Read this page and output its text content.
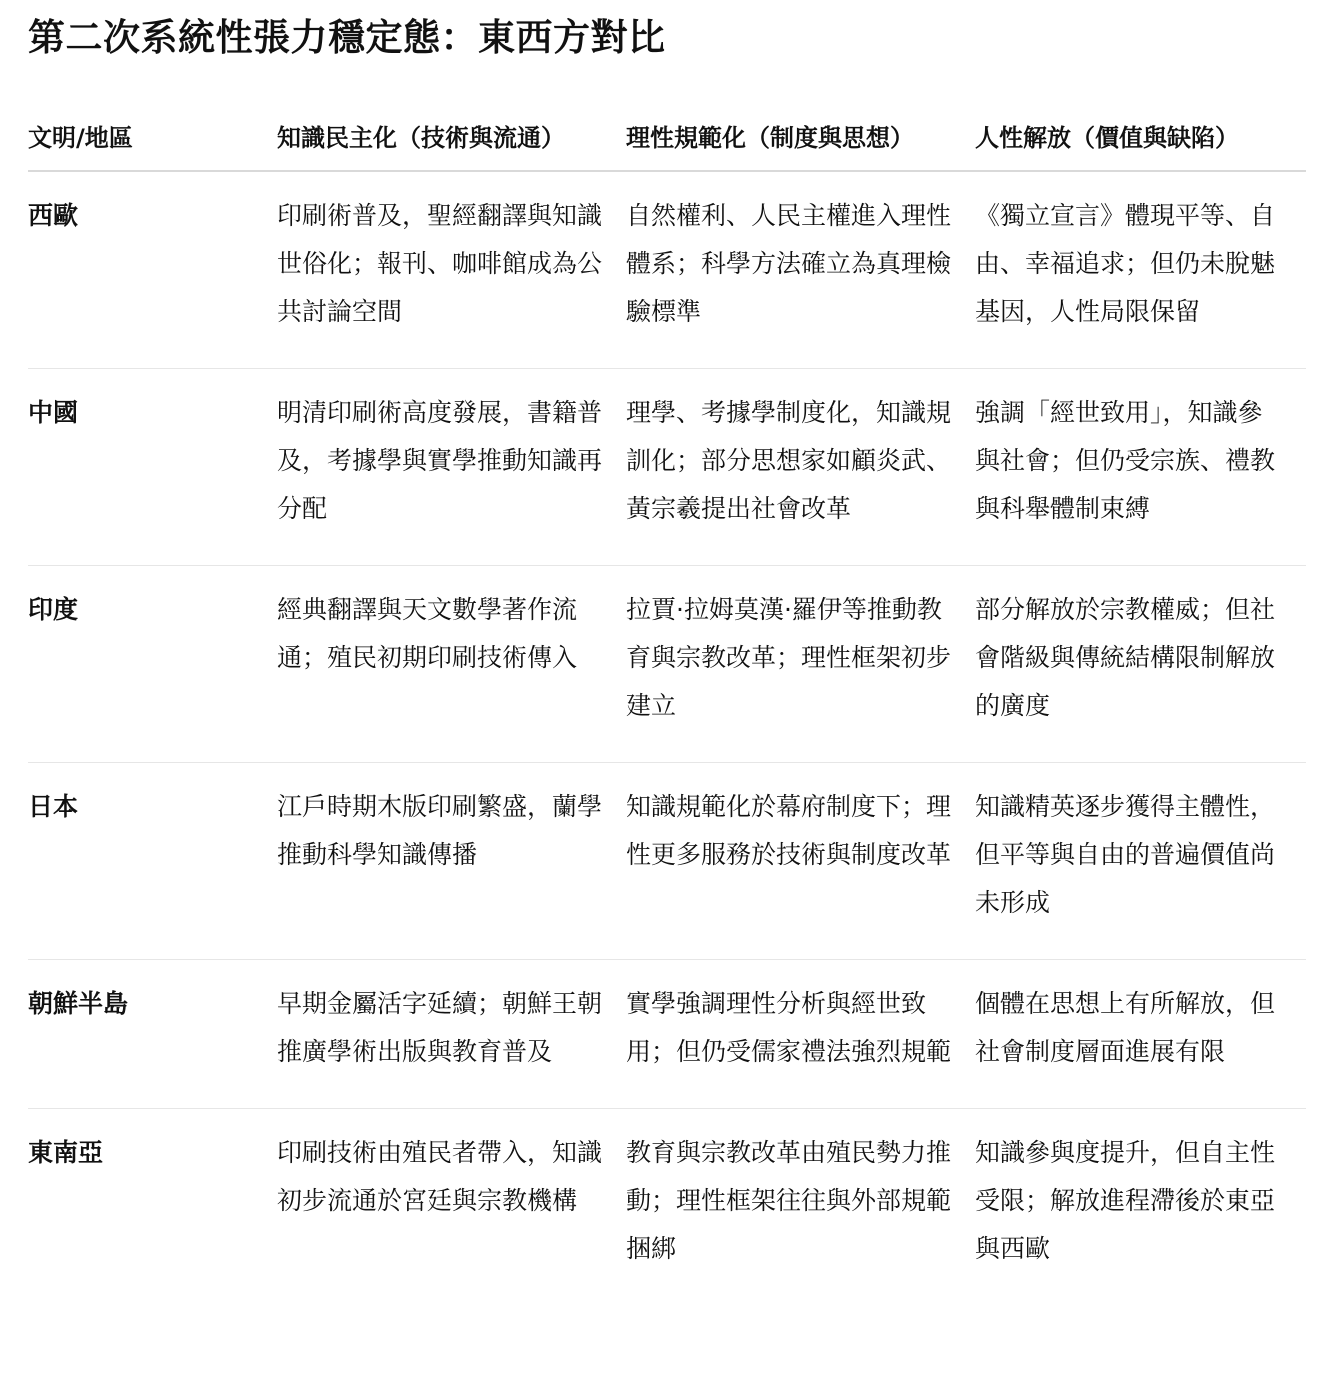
第二次系統性張力穩定態：東西方對比
文明/地區	知識民主化（技術與流通）	理性規範化（制度與思想）	人性解放（價值與缺陷）
西歐	印刷術普及，聖經翻譯與知識世俗化；報刊、咖啡館成為公共討論空間	自然權利、人民主權進入理性體系；科學方法確立為真理檢驗標準	《獨立宣言》體現平等、自由、幸福追求；但仍未脫魅基因，人性局限保留
中國	明清印刷術高度發展，書籍普及，考據學與實學推動知識再分配	理學、考據學制度化，知識規訓化；部分思想家如顧炎武、黃宗羲提出社會改革	強調「經世致用」，知識參與社會；但仍受宗族、禮教與科舉體制束縛
印度	經典翻譯與天文數學著作流通；殖民初期印刷技術傳入	拉賈·拉姆莫漢·羅伊等推動教育與宗教改革；理性框架初步建立	部分解放於宗教權威；但社會階級與傳統結構限制解放的廣度
日本	江戶時期木版印刷繁盛，蘭學推動科學知識傳播	知識規範化於幕府制度下；理性更多服務於技術與制度改革	知識精英逐步獲得主體性，但平等與自由的普遍價值尚未形成
朝鮮半島	早期金屬活字延續；朝鮮王朝推廣學術出版與教育普及	實學強調理性分析與經世致用；但仍受儒家禮法強烈規範	個體在思想上有所解放，但社會制度層面進展有限
東南亞	印刷技術由殖民者帶入，知識初步流通於宮廷與宗教機構	教育與宗教改革由殖民勢力推動；理性框架往往與外部規範捆綁	知識參與度提升，但自主性受限；解放進程滯後於東亞與西歐
